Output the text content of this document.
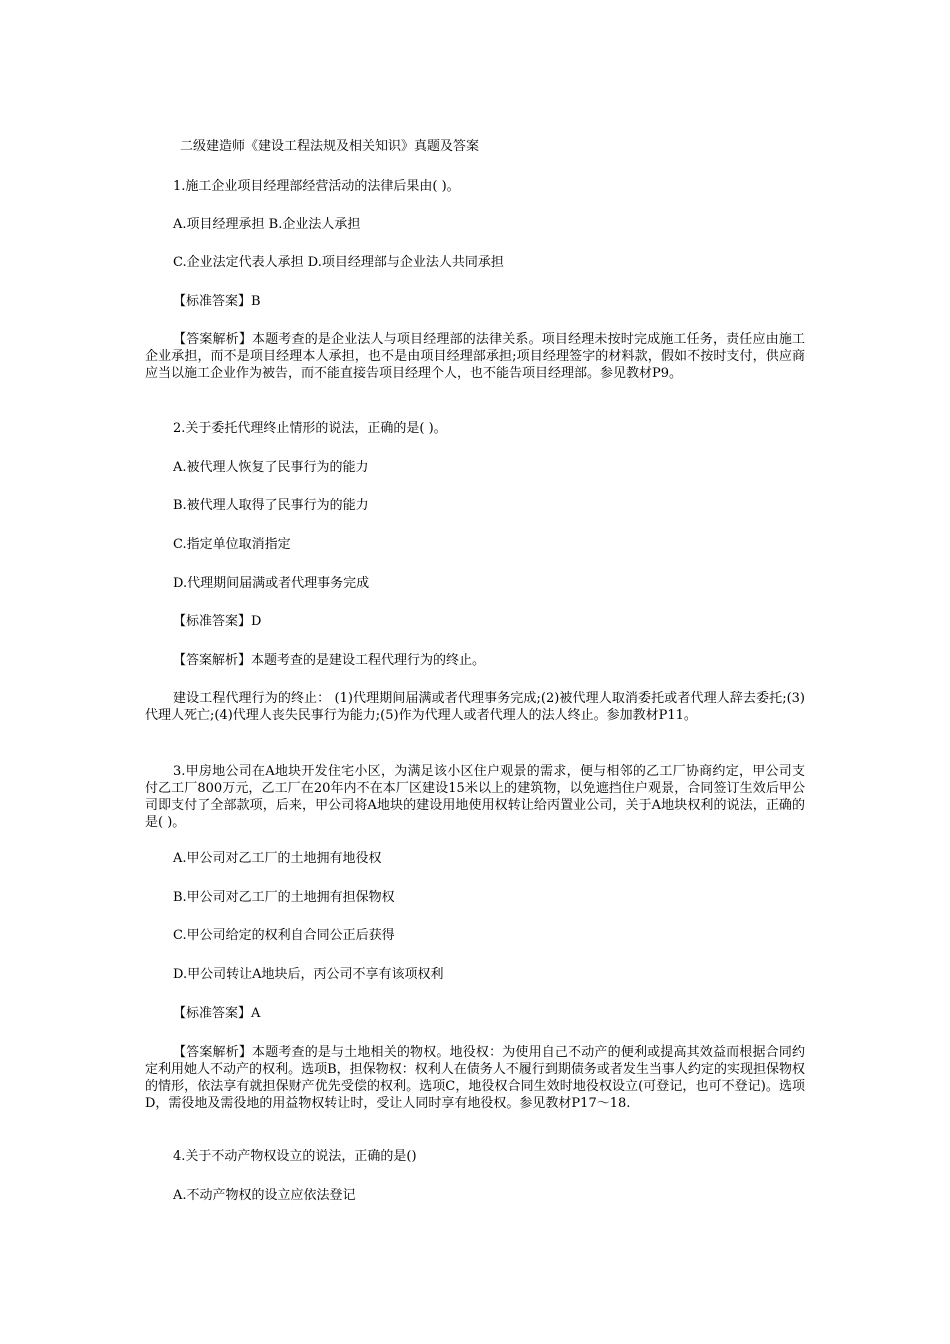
二级建造师《建设工程法规及相关知识》真题及答案

1.施工企业项目经理部经营活动的法律后果由( )。

A.项目经理承担 B.企业法人承担

C.企业法定代表人承担 D.项目经理部与企业法人共同承担

【标准答案】B

【答案解析】本题考查的是企业法人与项目经理部的法律关系。项目经理未按时完成施工任务，责任应由施工企业承担，而不是项目经理本人承担，也不是由项目经理部承担;项目经理签字的材料款，假如不按时支付，供应商应当以施工企业作为被告，而不能直接告项目经理个人，也不能告项目经理部。参见教材P9。

2.关于委托代理终止情形的说法，正确的是( )。

A.被代理人恢复了民事行为的能力

B.被代理人取得了民事行为的能力

C.指定单位取消指定

D.代理期间届满或者代理事务完成

【标准答案】D

【答案解析】本题考查的是建设工程代理行为的终止。

建设工程代理行为的终止： (1)代理期间届满或者代理事务完成;(2)被代理人取消委托或者代理人辞去委托;(3)代理人死亡;(4)代理人丧失民事行为能力;(5)作为代理人或者代理人的法人终止。参加教材P11。

3.甲房地公司在A地块开发住宅小区，为满足该小区住户观景的需求，便与相邻的乙工厂协商约定，甲公司支付乙工厂800万元，乙工厂在20年内不在本厂区建设15米以上的建筑物，以免遮挡住户观景，合同签订生效后甲公司即支付了全部款项，后来，甲公司将A地块的建设用地使用权转让给丙置业公司，关于A地块权利的说法，正确的是( )。

A.甲公司对乙工厂的土地拥有地役权

B.甲公司对乙工厂的土地拥有担保物权

C.甲公司给定的权利自合同公正后获得

D.甲公司转让A地块后，丙公司不享有该项权利

【标准答案】A

【答案解析】本题考查的是与土地相关的物权。地役权：为使用自己不动产的便利或提高其效益而根据合同约定利用她人不动产的权利。选项B，担保物权：权利人在债务人不履行到期债务或者发生当事人约定的实现担保物权的情形，依法享有就担保财产优先受偿的权利。选项C，地役权合同生效时地役权设立(可登记，也可不登记)。选项D，需役地及需役地的用益物权转让时，受让人同时享有地役权。参见教材P17～18.

4.关于不动产物权设立的说法，正确的是()

A.不动产物权的设立应依法登记
